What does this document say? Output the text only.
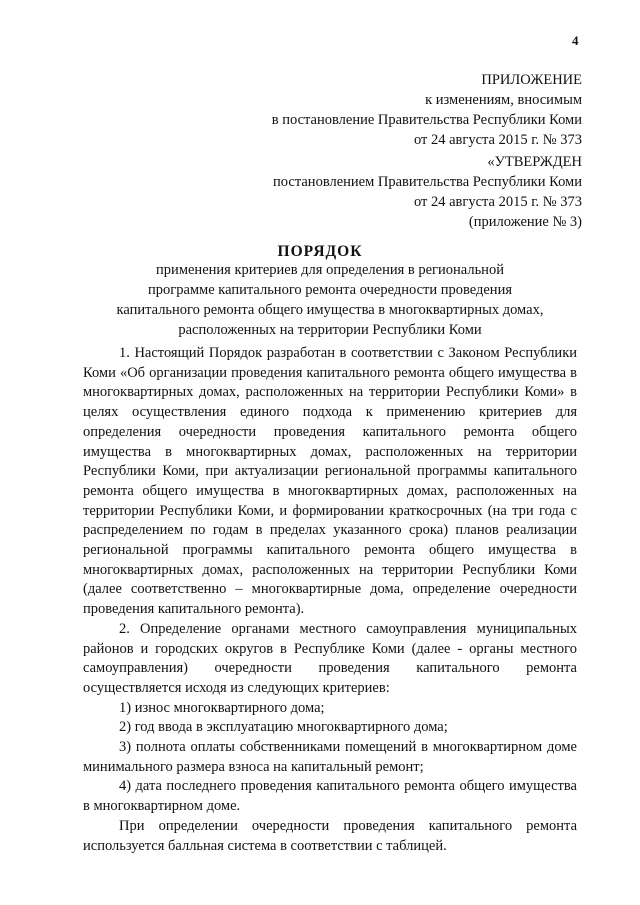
4
ПРИЛОЖЕНИЕ
к изменениям, вносимым
в постановление Правительства Республики Коми
от 24 августа 2015 г. № 373
«УТВЕРЖДЕН
постановлением Правительства Республики Коми
от 24 августа 2015 г. № 373
(приложение № 3)
ПОРЯДОК
применения критериев для определения в региональной
программе капитального ремонта очередности проведения
капитального ремонта общего имущества в многоквартирных домах,
расположенных на территории Республики Коми

1. Настоящий Порядок разработан в соответствии с Законом Республики Коми «Об организации проведения капитального ремонта общего имущества в многоквартирных домах, расположенных на территории Республики Коми» в целях осуществления единого подхода к применению критериев для определения очередности проведения капитального ремонта общего имущества в многоквартирных домах, расположенных на территории Республики Коми, при актуализации региональной программы капитального ремонта общего имущества в многоквартирных домах, расположенных на территории Республики Коми, и формировании краткосрочных (на три года с распределением по годам в пределах указанного срока) планов реализации региональной программы капитального ремонта общего имущества в многоквартирных домах, расположенных на территории Республики Коми (далее соответственно – многоквартирные дома, определение очередности проведения капитального ремонта).

2. Определение органами местного самоуправления муниципальных районов и городских округов в Республике Коми (далее - органы местного самоуправления) очередности проведения капитального ремонта осуществляется исходя из следующих критериев:

1) износ многоквартирного дома;

2) год ввода в эксплуатацию многоквартирного дома;

3) полнота оплаты собственниками помещений в многоквартирном доме минимального размера взноса на капитальный ремонт;

4) дата последнего проведения капитального ремонта общего имущества в многоквартирном доме.

При определении очередности проведения капитального ремонта используется балльная система в соответствии с таблицей.
